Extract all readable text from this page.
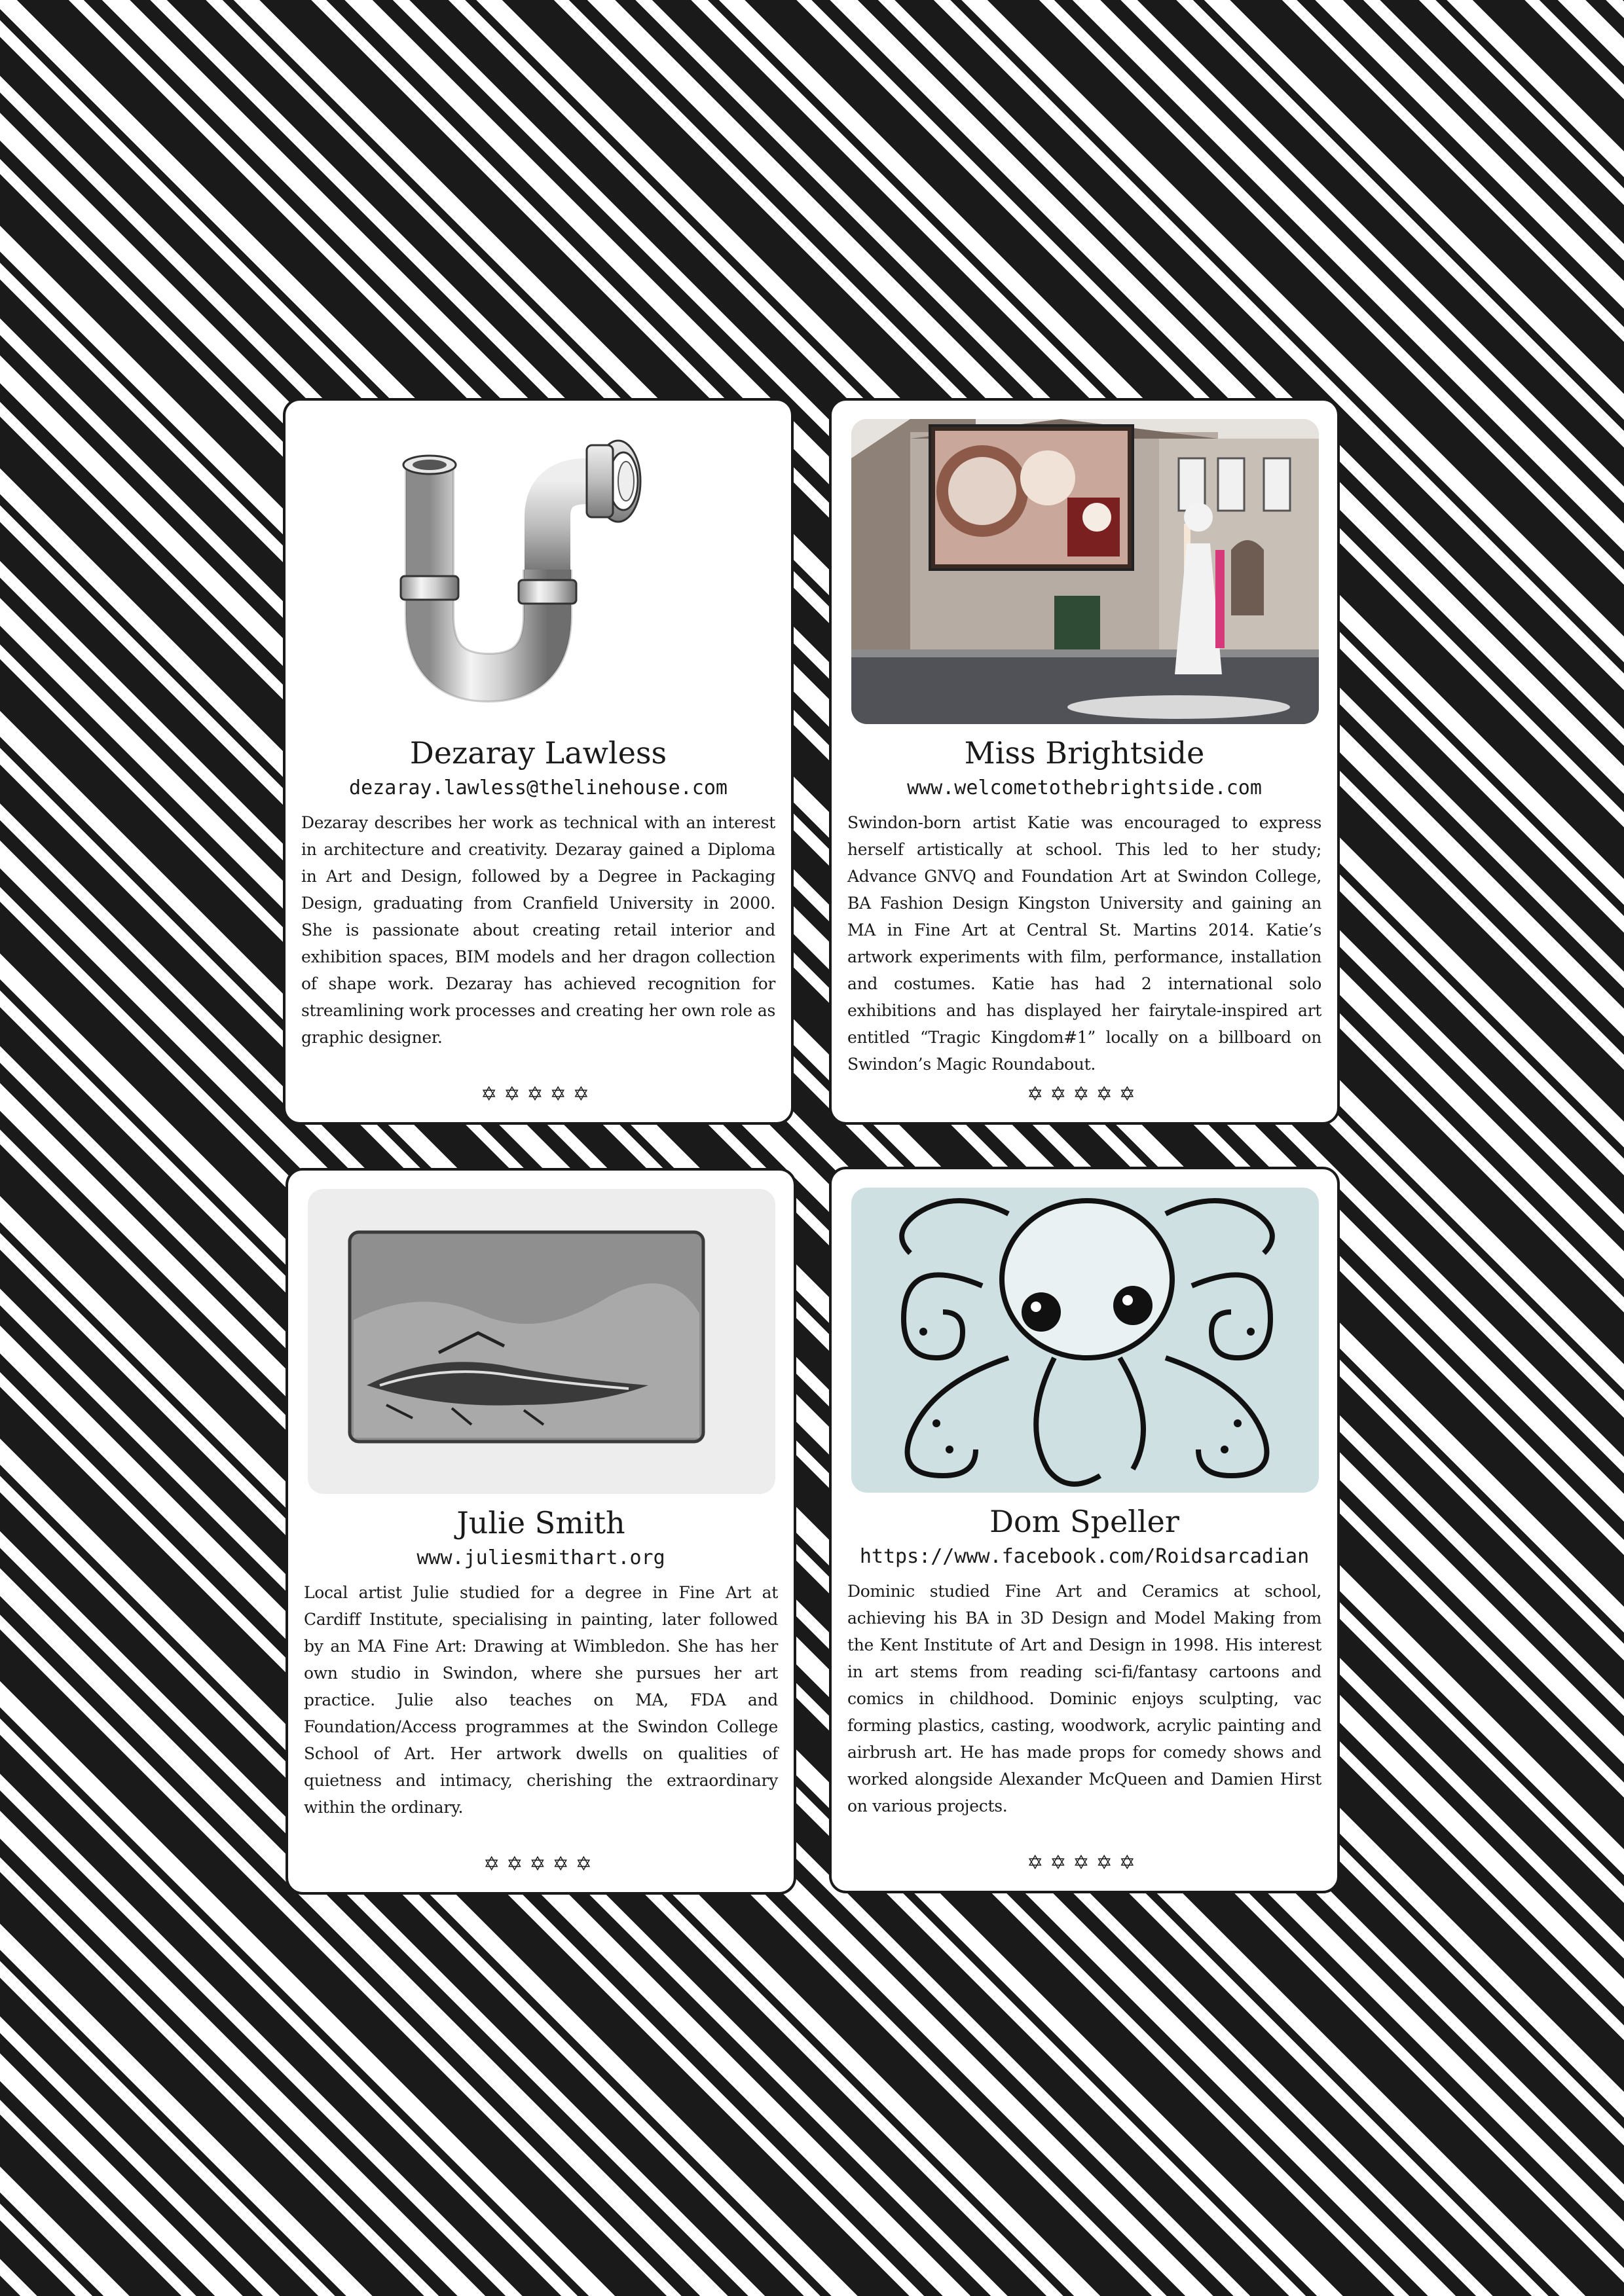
Dezaray Lawless
dezaray.lawless@thelinehouse.com
Dezaray describes her work as technical with an interest in architecture and creativity. Dezaray gained a Diploma in Art and Design, followed by a Degree in Packaging Design, graduating from Cranfield University in 2000. She is passionate about creating retail interior and exhibition spaces, BIM models and her dragon collection of shape work. Dezaray has achieved recognition for streamlining work processes and creating her own role as graphic designer.
✡✡✡✡✡
Miss Brightside
www.welcometothebrightside.com
Swindon-born artist Katie was encouraged to express herself artistically at school. This led to her study; Advance GNVQ and Foundation Art at Swindon College, BA Fashion Design Kingston University and gaining an MA in Fine Art at Central St. Martins 2014. Katie’s artwork experiments with film, performance, installation and costumes. Katie has had 2 international solo exhibitions and has displayed her fairytale-inspired art entitled “Tragic Kingdom#1” locally on a billboard on Swindon’s Magic Roundabout.
✡✡✡✡✡
Julie Smith
www.juliesmithart.org
Local artist Julie studied for a degree in Fine Art at Cardiff Institute, specialising in painting, later followed by an MA Fine Art: Drawing at Wimbledon. She has her own studio in Swindon, where she pursues her art practice. Julie also teaches on MA, FDA and Foundation/Access programmes at the Swindon College School of Art. Her artwork dwells on qualities of quietness and intimacy, cherishing the extraordinary within the ordinary.
✡✡✡✡✡
Dom Speller
https://www.facebook.com/Roidsarcadian
Dominic studied Fine Art and Ceramics at school, achieving his BA in 3D Design and Model Making from the Kent Institute of Art and Design in 1998. His interest in art stems from reading sci-fi/fantasy cartoons and comics in childhood. Dominic enjoys sculpting, vac forming plastics, casting, woodwork, acrylic painting and airbrush art. He has made props for comedy shows and worked alongside Alexander McQueen and Damien Hirst on various projects.
✡✡✡✡✡
